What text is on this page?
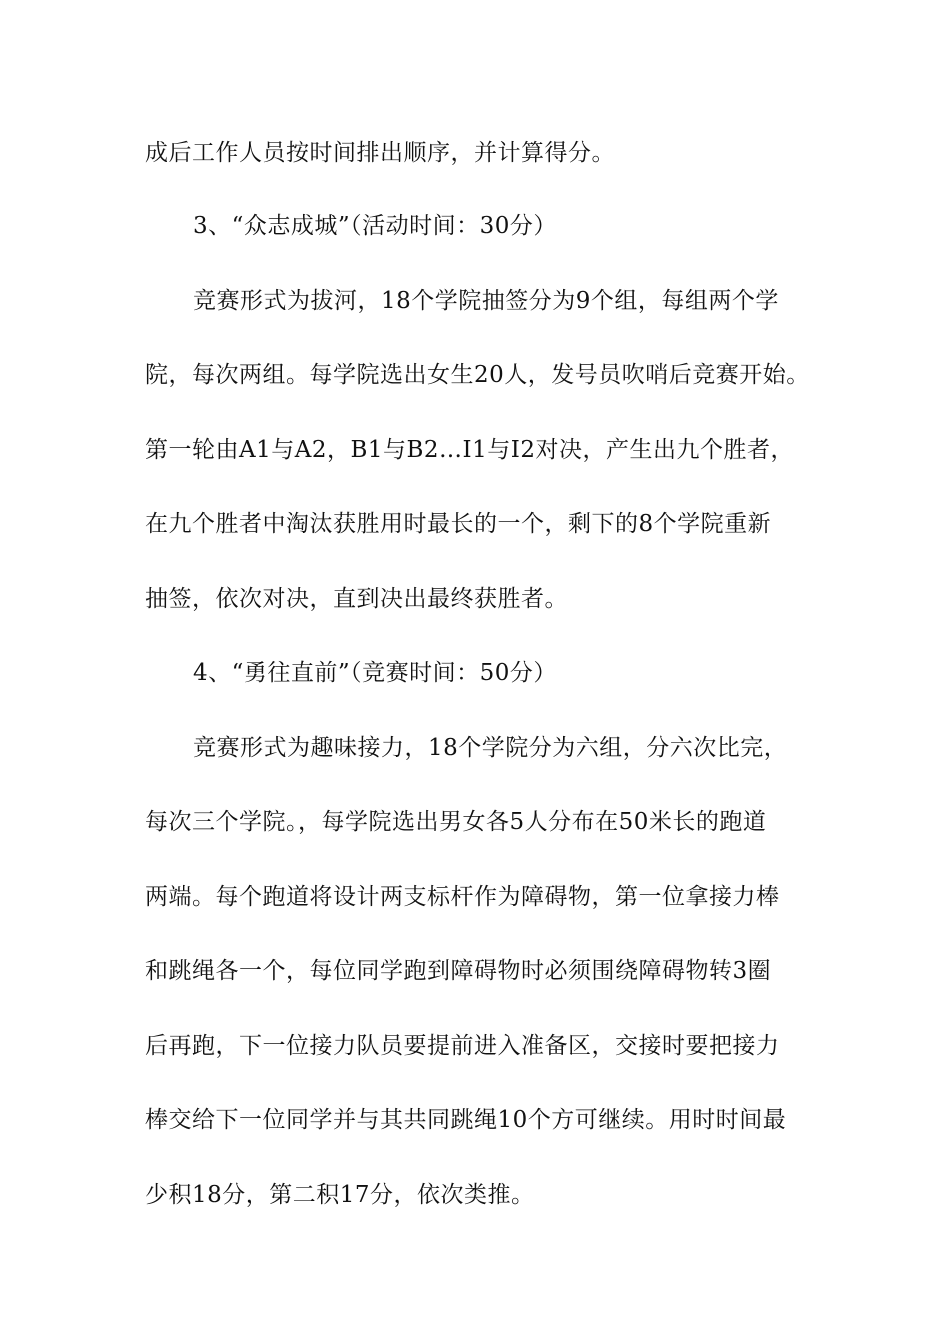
成后工作人员按时间排出顺序，并计算得分。
3、“众志成城”（活动时间：30分）
竞赛形式为拔河，18个学院抽签分为9个组，每组两个学
院，每次两组。每学院选出女生20人，发号员吹哨后竞赛开始。
第一轮由A1与A2，B1与B2…I1与I2对决，产生出九个胜者，
在九个胜者中淘汰获胜用时最长的一个，剩下的8个学院重新
抽签，依次对决，直到决出最终获胜者。
4、“勇往直前”（竞赛时间：50分）
竞赛形式为趣味接力，18个学院分为六组，分六次比完，
每次三个学院。，每学院选出男女各5人分布在50米长的跑道
两端。每个跑道将设计两支标杆作为障碍物，第一位拿接力棒
和跳绳各一个，每位同学跑到障碍物时必须围绕障碍物转3圈
后再跑，下一位接力队员要提前进入准备区，交接时要把接力
棒交给下一位同学并与其共同跳绳10个方可继续。用时时间最
少积18分，第二积17分，依次类推。
